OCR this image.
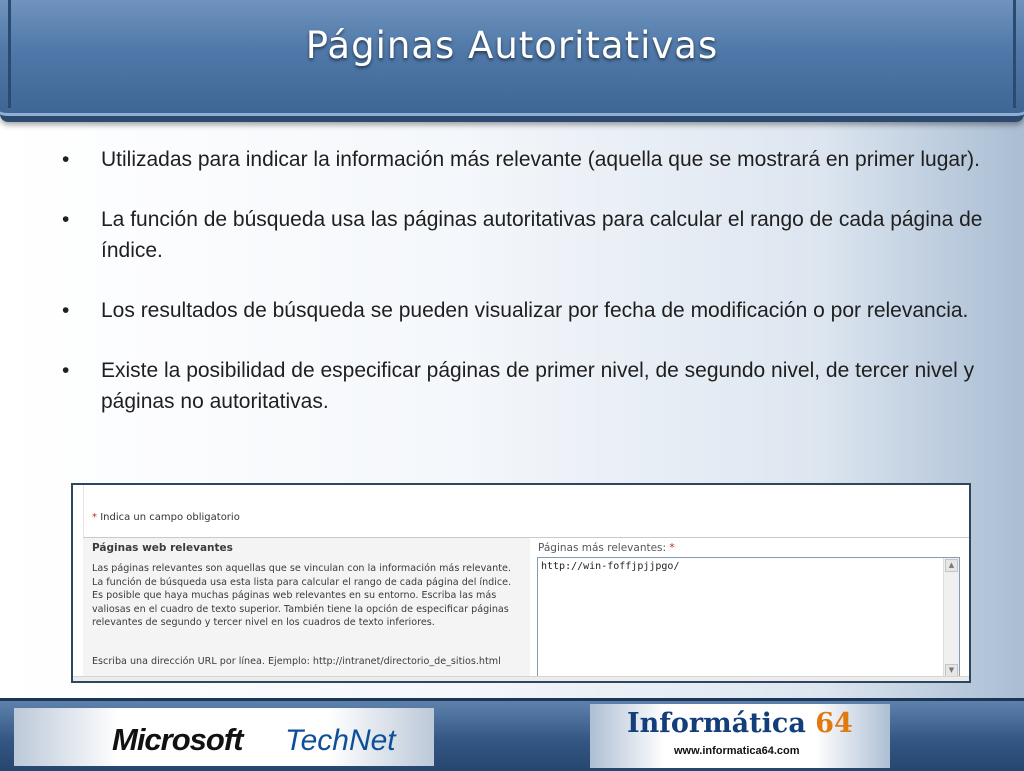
Páginas Autoritativas
• Utilizadas para indicar la información más relevante (aquella que se mostrará en primer lugar).
• La función de búsqueda usa las páginas autoritativas para calcular el rango de cada página de índice.
• Los resultados de búsqueda se pueden visualizar por fecha de modificación o por relevancia.
• Existe la posibilidad de especificar páginas de primer nivel, de segundo nivel, de tercer nivel y páginas no autoritativas.
* Indica un campo obligatorio
Páginas web relevantes
Las páginas relevantes son aquellas que se vinculan con la información más relevante. La función de búsqueda usa esta lista para calcular el rango de cada página del índice. Es posible que haya muchas páginas web relevantes en su entorno. Escriba las más valiosas en el cuadro de texto superior. También tiene la opción de especificar páginas relevantes de segundo y tercer nivel en los cuadros de texto inferiores.
Escriba una dirección URL por línea. Ejemplo: http://intranet/directorio_de_sitios.html
Páginas más relevantes: *
http://win-foffjpjjpgo/	▲
▼
Microsoft TechNet
Informática 64
www.informatica64.com
